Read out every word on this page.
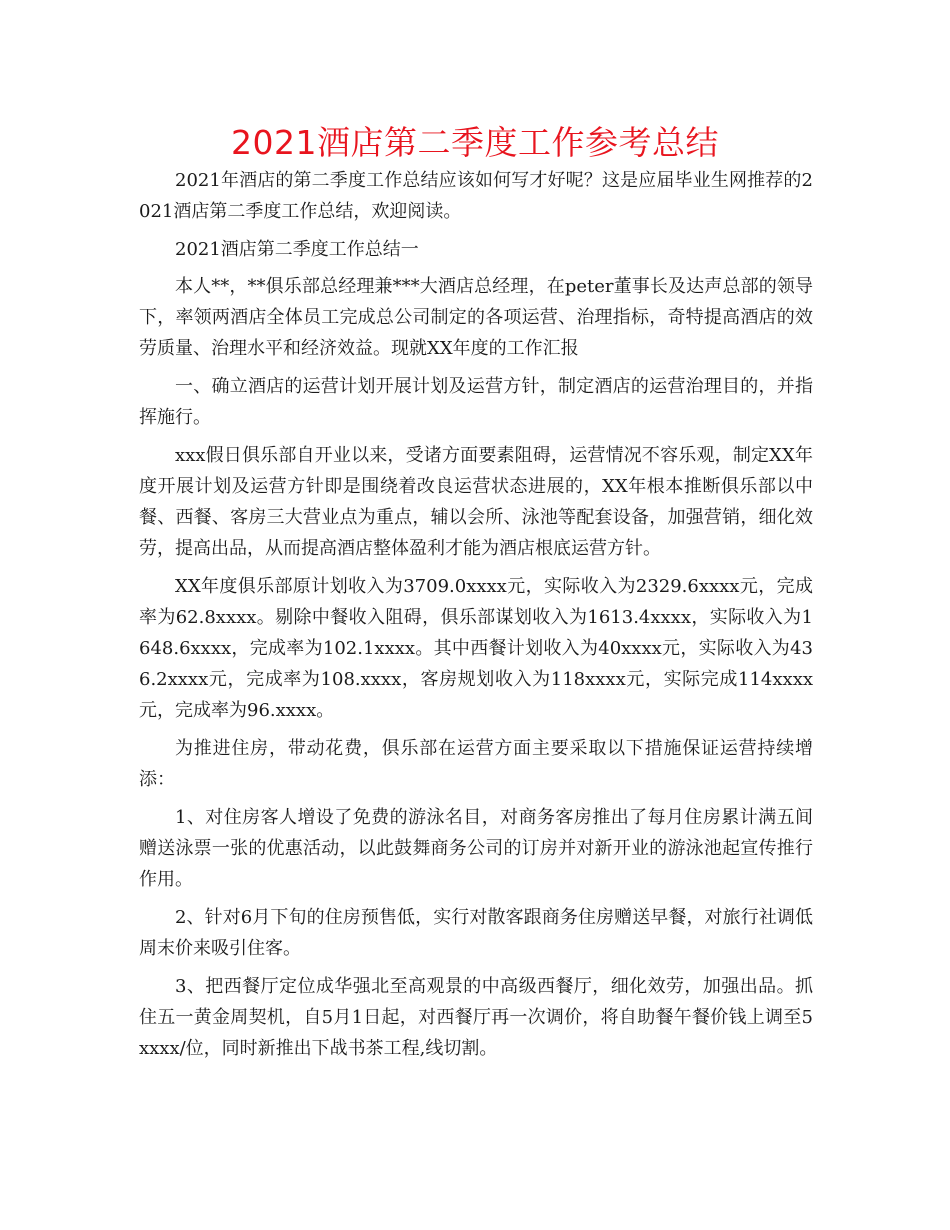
2021酒店第二季度工作参考总结

2021年酒店的第二季度工作总结应该如何写才好呢？这是应届毕业生网推荐的2021酒店第二季度工作总结，欢迎阅读。

2021酒店第二季度工作总结一

本人**，**俱乐部总经理兼***大酒店总经理，在peter董事长及达声总部的领导下，率领两酒店全体员工完成总公司制定的各项运营、治理指标，奇特提高酒店的效劳质量、治理水平和经济效益。现就XX年度的工作汇报

一、确立酒店的运营计划开展计划及运营方针，制定酒店的运营治理目的，并指挥施行。

xxx假日俱乐部自开业以来，受诸方面要素阻碍，运营情况不容乐观，制定XX年度开展计划及运营方针即是围绕着改良运营状态进展的，XX年根本推断俱乐部以中餐、西餐、客房三大营业点为重点，辅以会所、泳池等配套设备，加强营销，细化效劳，提高出品，从而提高酒店整体盈利才能为酒店根底运营方针。

XX年度俱乐部原计划收入为3709.0xxxx元，实际收入为2329.6xxxx元，完成率为62.8xxxx。剔除中餐收入阻碍，俱乐部谋划收入为1613.4xxxx，实际收入为1648.6xxxx，完成率为102.1xxxx。其中西餐计划收入为40xxxx元，实际收入为436.2xxxx元，完成率为108.xxxx，客房规划收入为118xxxx元，实际完成114xxxx元，完成率为96.xxxx。

为推进住房，带动花费，俱乐部在运营方面主要采取以下措施保证运营持续增添：

1、对住房客人增设了免费的游泳名目，对商务客房推出了每月住房累计满五间赠送泳票一张的优惠活动，以此鼓舞商务公司的订房并对新开业的游泳池起宣传推行作用。

2、针对6月下旬的住房预售低，实行对散客跟商务住房赠送早餐，对旅行社调低周末价来吸引住客。

3、把西餐厅定位成华强北至高观景的中高级西餐厅，细化效劳，加强出品。抓住五一黄金周契机，自5月1日起，对西餐厅再一次调价，将自助餐午餐价钱上调至5xxxx/位，同时新推出下战书茶工程,线切割。
